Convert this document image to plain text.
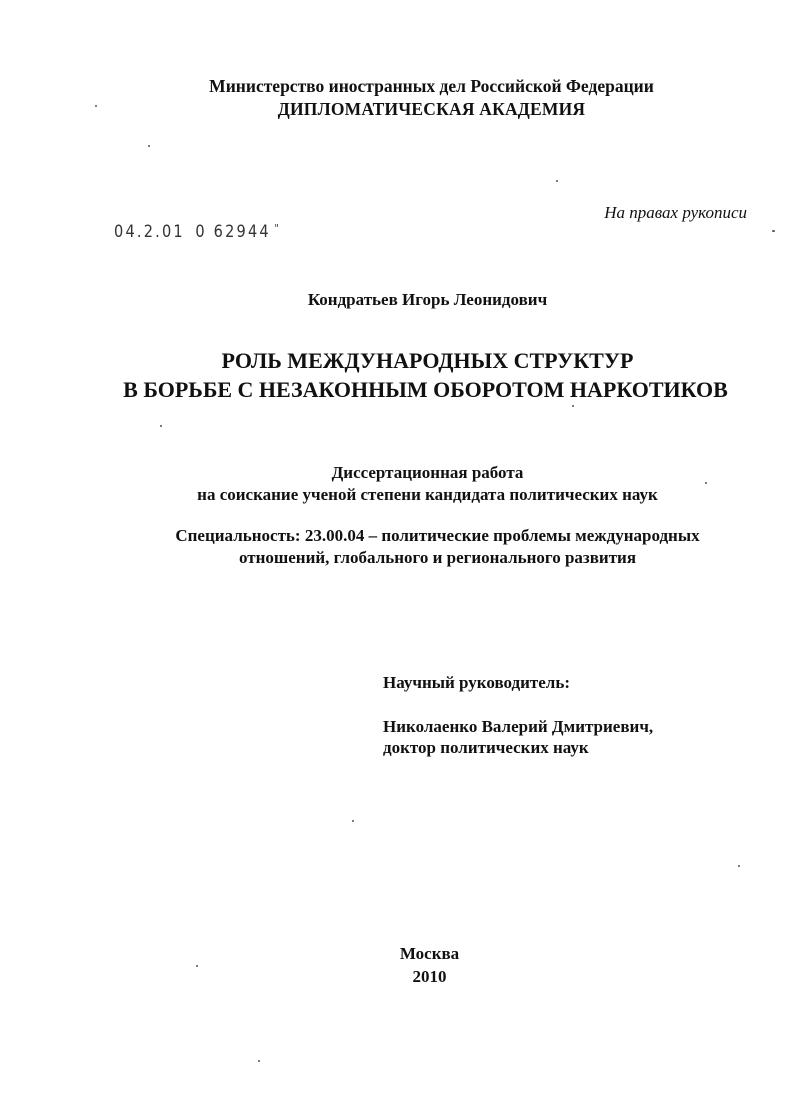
Министерство иностранных дел Российской Федерации
ДИПЛОМАТИЧЕСКАЯ АКАДЕМИЯ
На правах рукописи
04.2.01 0 62944 "
Кондратьев Игорь Леонидович
РОЛЬ МЕЖДУНАРОДНЫХ СТРУКТУР
В БОРЬБЕ С НЕЗАКОННЫМ ОБОРОТОМ НАРКОТИКОВ
Диссертационная работа
на соискание ученой степени кандидата политических наук
Специальность: 23.00.04 – политические проблемы международных
отношений, глобального и регионального развития
Научный руководитель:
Николаенко Валерий Дмитриевич,
доктор политических наук
Москва
2010
